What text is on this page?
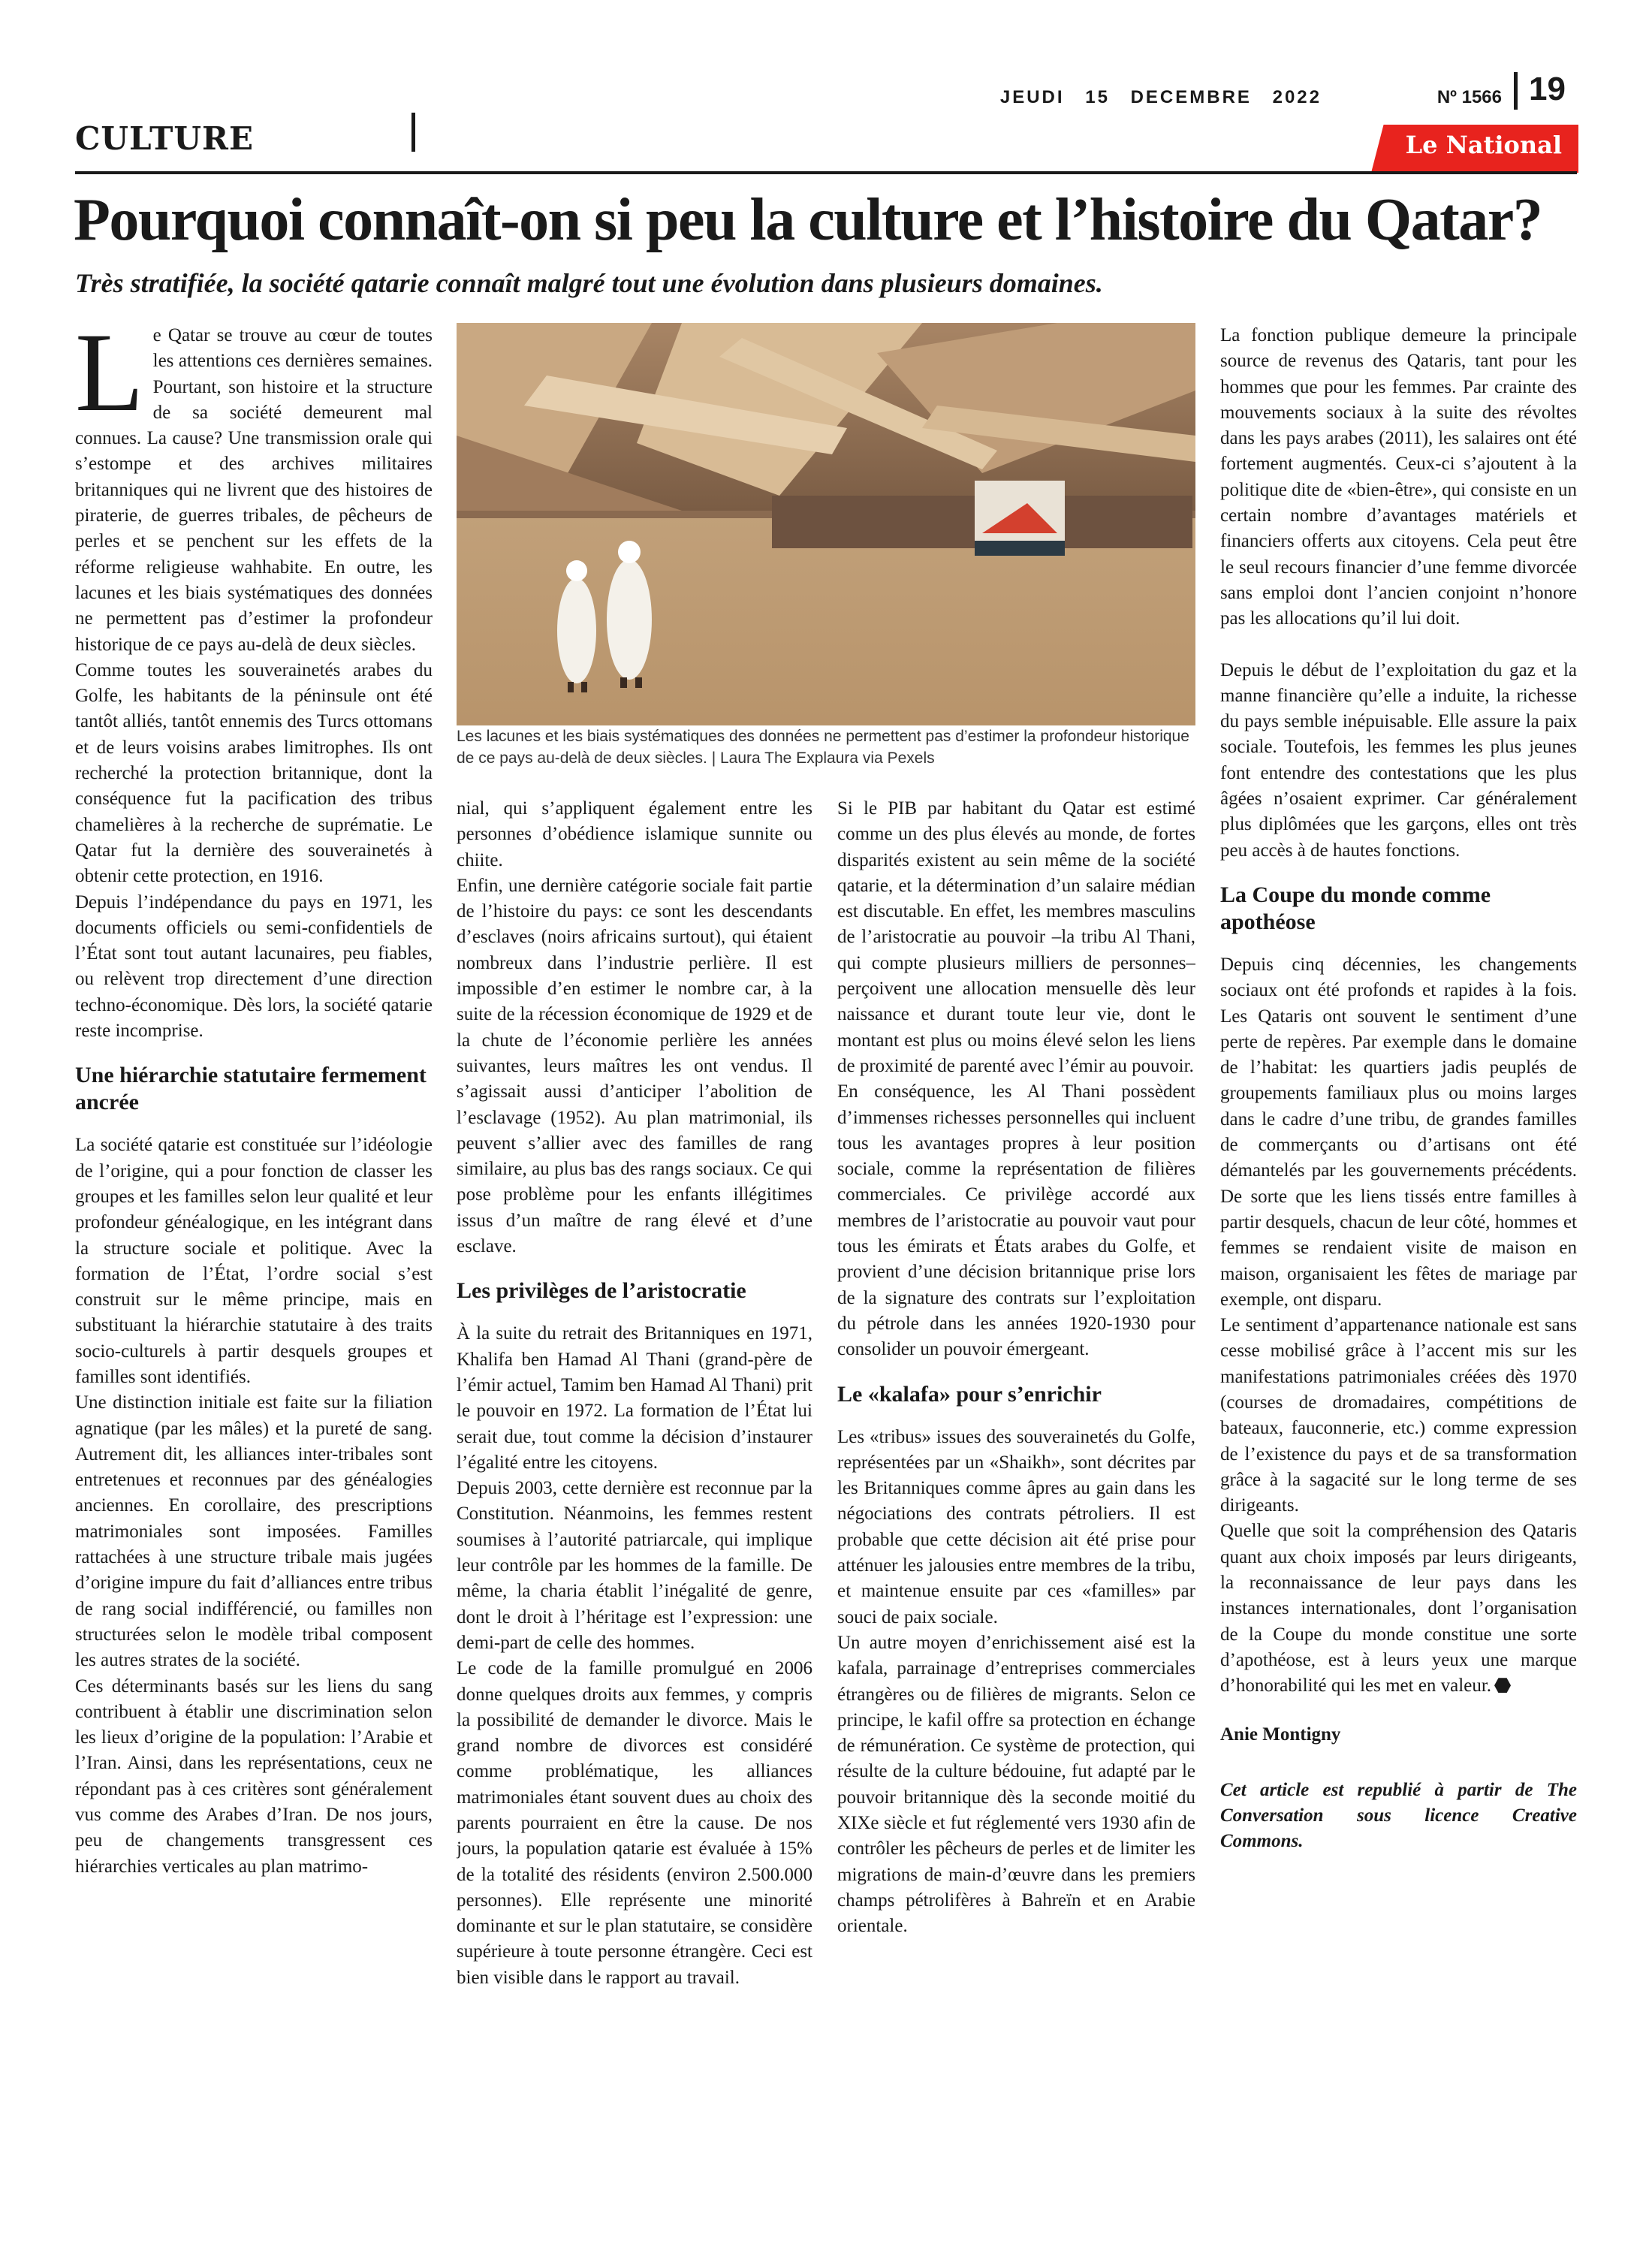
CULTURE
JEUDI 15 DECEMBRE 2022	Nº 1566 19
Le National
Pourquoi connaît-on si peu la culture et l’histoire du Qatar?
Très stratifiée, la société qatarie connaît malgré tout une évolution dans plusieurs domaines.

Le Qatar se trouve au cœur de toutes les attentions ces dernières semaines. Pourtant, son histoire et la structure de sa société demeurent mal connues. La cause? Une transmission orale qui s’estompe et des archives militaires britanniques qui ne livrent que des histoires de piraterie, de guerres tribales, de pêcheurs de perles et se penchent sur les effets de la réforme religieuse wahhabite. En outre, les lacunes et les biais systématiques des données ne permettent pas d’estimer la profondeur historique de ce pays au-delà de deux siècles.

Comme toutes les souverainetés arabes du Golfe, les habitants de la péninsule ont été tantôt alliés, tantôt ennemis des Turcs ottomans et de leurs voisins arabes limitrophes. Ils ont recherché la protection britannique, dont la conséquence fut la pacification des tribus chamelières à la recherche de suprématie. Le Qatar fut la dernière des souverainetés à obtenir cette protection, en 1916.

Depuis l’indépendance du pays en 1971, les documents officiels ou semi-confidentiels de l’État sont tout autant lacunaires, peu fiables, ou relèvent trop directement d’une direction techno-économique. Dès lors, la société qatarie reste incomprise.

Une hiérarchie statutaire fermement ancrée

La société qatarie est constituée sur l’idéologie de l’origine, qui a pour fonction de classer les groupes et les familles selon leur qualité et leur profondeur généalogique, en les intégrant dans la structure sociale et politique. Avec la formation de l’État, l’ordre social s’est construit sur le même principe, mais en substituant la hiérarchie statutaire à des traits socio-culturels à partir desquels groupes et familles sont identifiés.

Une distinction initiale est faite sur la filiation agnatique (par les mâles) et la pureté de sang. Autrement dit, les alliances inter-tribales sont entretenues et reconnues par des généalogies anciennes. En corollaire, des prescriptions matrimoniales sont imposées. Familles rattachées à une structure tribale mais jugées d’origine impure du fait d’alliances entre tribus de rang social indifférencié, ou familles non structurées selon le modèle tribal composent les autres strates de la société.

Ces déterminants basés sur les liens du sang contribuent à établir une discrimination selon les lieux d’origine de la population: l’Arabie et l’Iran. Ainsi, dans les représentations, ceux ne répondant pas à ces critères sont généralement vus comme des Arabes d’Iran. De nos jours, peu de changements transgressent ces hiérarchies verticales au plan matrimo-

Les lacunes et les biais systématiques des données ne permettent pas d’estimer la profondeur historique de ce pays au-delà de deux siècles. | Laura The Explaura via Pexels

nial, qui s’appliquent également entre les personnes d’obédience islamique sunnite ou chiite.

Enfin, une dernière catégorie sociale fait partie de l’histoire du pays: ce sont les descendants d’esclaves (noirs africains surtout), qui étaient nombreux dans l’industrie perlière. Il est impossible d’en estimer le nombre car, à la suite de la récession économique de 1929 et de la chute de l’économie perlière les années suivantes, leurs maîtres les ont vendus. Il s’agissait aussi d’anticiper l’abolition de l’esclavage (1952). Au plan matrimonial, ils peuvent s’allier avec des familles de rang similaire, au plus bas des rangs sociaux. Ce qui pose problème pour les enfants illégitimes issus d’un maître de rang élevé et d’une esclave.

Les privilèges de l’aristocratie

À la suite du retrait des Britanniques en 1971, Khalifa ben Hamad Al Thani (grand-père de l’émir actuel, Tamim ben Hamad Al Thani) prit le pouvoir en 1972. La formation de l’État lui serait due, tout comme la décision d’instaurer l’égalité entre les citoyens.

Depuis 2003, cette dernière est reconnue par la Constitution. Néanmoins, les femmes restent soumises à l’autorité patriarcale, qui implique leur contrôle par les hommes de la famille. De même, la charia établit l’inégalité de genre, dont le droit à l’héritage est l’expression: une demi-part de celle des hommes.

Le code de la famille promulgué en 2006 donne quelques droits aux femmes, y compris la possibilité de demander le divorce. Mais le grand nombre de divorces est considéré comme problématique, les alliances matrimoniales étant souvent dues au choix des parents pourraient en être la cause. De nos jours, la population qatarie est évaluée à 15% de la totalité des résidents (environ 2.500.000 personnes). Elle représente une minorité dominante et sur le plan statutaire, se considère supérieure à toute personne étrangère. Ceci est bien visible dans le rapport au travail.

Si le PIB par habitant du Qatar est estimé comme un des plus élevés au monde, de fortes disparités existent au sein même de la société qatarie, et la détermination d’un salaire médian est discutable. En effet, les membres masculins de l’aristocratie au pouvoir –la tribu Al Thani, qui compte plusieurs milliers de personnes– perçoivent une allocation mensuelle dès leur naissance et durant toute leur vie, dont le montant est plus ou moins élevé selon les liens de proximité de parenté avec l’émir au pouvoir.

En conséquence, les Al Thani possèdent d’immenses richesses personnelles qui incluent tous les avantages propres à leur position sociale, comme la représentation de filières commerciales. Ce privilège accordé aux membres de l’aristocratie au pouvoir vaut pour tous les émirats et États arabes du Golfe, et provient d’une décision britannique prise lors de la signature des contrats sur l’exploitation du pétrole dans les années 1920-1930 pour consolider un pouvoir émergeant.

Le «kalafa» pour s’enrichir

Les «tribus» issues des souverainetés du Golfe, représentées par un «Shaikh», sont décrites par les Britanniques comme âpres au gain dans les négociations des contrats pétroliers. Il est probable que cette décision ait été prise pour atténuer les jalousies entre membres de la tribu, et maintenue ensuite par ces «familles» par souci de paix sociale.

Un autre moyen d’enrichissement aisé est la kafala, parrainage d’entreprises commerciales étrangères ou de filières de migrants. Selon ce principe, le kafil offre sa protection en échange de rémunération. Ce système de protection, qui résulte de la culture bédouine, fut adapté par le pouvoir britannique dès la seconde moitié du XIXe siècle et fut réglementé vers 1930 afin de contrôler les pêcheurs de perles et de limiter les migrations de main-d’œuvre dans les premiers champs pétrolifères à Bahreïn et en Arabie orientale.

La fonction publique demeure la principale source de revenus des Qataris, tant pour les hommes que pour les femmes. Par crainte des mouvements sociaux à la suite des révoltes dans les pays arabes (2011), les salaires ont été fortement augmentés. Ceux-ci s’ajoutent à la politique dite de «bien-être», qui consiste en un certain nombre d’avantages matériels et financiers offerts aux citoyens. Cela peut être le seul recours financier d’une femme divorcée sans emploi dont l’ancien conjoint n’honore pas les allocations qu’il lui doit.

Depuis le début de l’exploitation du gaz et la manne financière qu’elle a induite, la richesse du pays semble inépuisable. Elle assure la paix sociale. Toutefois, les femmes les plus jeunes font entendre des contestations que les plus âgées n’osaient exprimer. Car généralement plus diplômées que les garçons, elles ont très peu accès à de hautes fonctions.

La Coupe du monde comme apothéose

Depuis cinq décennies, les changements sociaux ont été profonds et rapides à la fois. Les Qataris ont souvent le sentiment d’une perte de repères. Par exemple dans le domaine de l’habitat: les quartiers jadis peuplés de groupements familiaux plus ou moins larges dans le cadre d’une tribu, de grandes familles de commerçants ou d’artisans ont été démantelés par les gouvernements précédents. De sorte que les liens tissés entre familles à partir desquels, chacun de leur côté, hommes et femmes se rendaient visite de maison en maison, organisaient les fêtes de mariage par exemple, ont disparu.

Le sentiment d’appartenance nationale est sans cesse mobilisé grâce à l’accent mis sur les manifestations patrimoniales créées dès 1970 (courses de dromadaires, compétitions de bateaux, fauconnerie, etc.) comme expression de l’existence du pays et de sa transformation grâce à la sagacité sur le long terme de ses dirigeants.

Quelle que soit la compréhension des Qataris quant aux choix imposés par leurs dirigeants, la reconnaissance de leur pays dans les instances internationales, dont l’organisation de la Coupe du monde constitue une sorte d’apothéose, est à leurs yeux une marque d’honorabilité qui les met en valeur.

Anie Montigny

Cet article est republié à partir de The Conversation sous licence Creative Commons.
